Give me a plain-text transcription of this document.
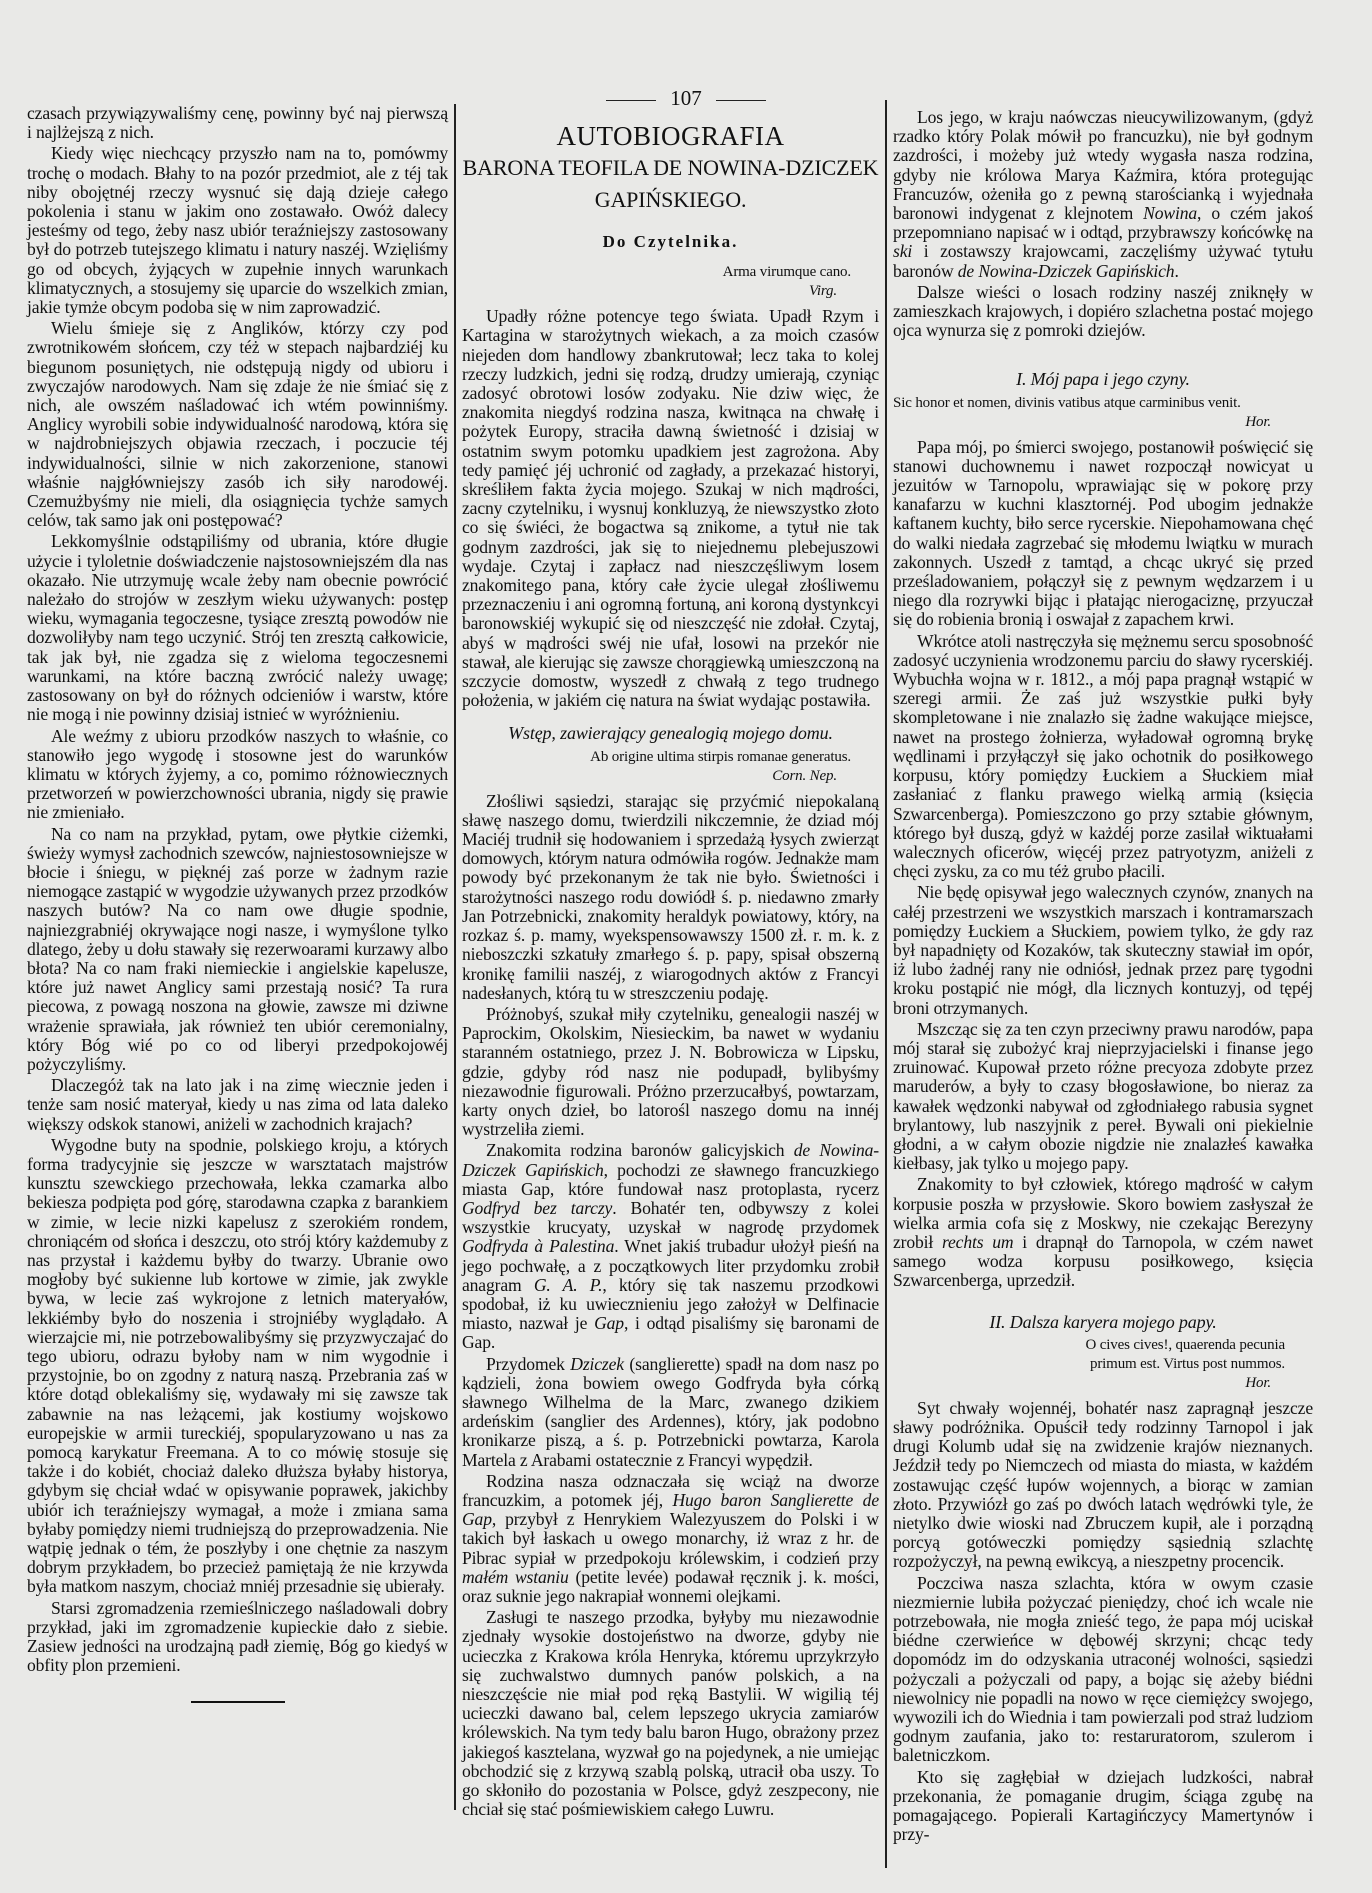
107

czasach przywiązywaliśmy cenę, powinny być naj pierwszą i najlżejszą z nich.

Kiedy więc niechcący przyszło nam na to, pomówmy trochę o modach. Błahy to na pozór przedmiot, ale z téj tak niby obojętnéj rzeczy wysnuć się dają dzieje całego pokolenia i stanu w jakim ono zostawało. Owóż dalecy jesteśmy od tego, żeby nasz ubiór teraźniejszy zastosowany był do potrzeb tutejszego klimatu i natury naszéj. Wzięliśmy go od obcych, żyjących w zupełnie innych warunkach klimatycznych, a stosujemy się uparcie do wszelkich zmian, jakie tymże obcym podoba się w nim zaprowadzić.

Wielu śmieje się z Anglików, którzy czy pod zwrotnikowém słońcem, czy téż w stepach najbardziéj ku biegunom posuniętych, nie odstępują nigdy od ubioru i zwyczajów narodowych. Nam się zdaje że nie śmiać się z nich, ale owszém naśladować ich wtém powinniśmy. Anglicy wyrobili sobie indywidualność narodową, która się w najdrobniejszych objawia rzeczach, i poczucie téj indywidualności, silnie w nich zakorzenione, stanowi właśnie najgłówniejszy zasób ich siły narodowéj. Czemużbyśmy nie mieli, dla osiągnięcia tychże samych celów, tak samo jak oni postępować?

Lekkomyślnie odstąpiliśmy od ubrania, które długie użycie i tyloletnie doświadczenie najstosowniejszém dla nas okazało. Nie utrzymuję wcale żeby nam obecnie powrócić należało do strojów w zeszłym wieku używanych: postęp wieku, wymagania tegoczesne, tysiące zresztą powodów nie dozwoliłyby nam tego uczynić. Strój ten zresztą całkowicie, tak jak był, nie zgadza się z wieloma tegoczesnemi warunkami, na które baczną zwrócić należy uwagę; zastosowany on był do różnych odcieniów i warstw, które nie mogą i nie powinny dzisiaj istnieć w wyróżnieniu.

Ale weźmy z ubioru przodków naszych to właśnie, co stanowiło jego wygodę i stosowne jest do warunków klimatu w których żyjemy, a co, pomimo różnowiecznych przetworzeń w powierzchowności ubrania, nigdy się prawie nie zmieniało.

Na co nam na przykład, pytam, owe płytkie ciżemki, świeży wymysł zachodnich szewców, najniestosowniejsze w błocie i śniegu, w pięknéj zaś porze w żadnym razie niemogące zastąpić w wygodzie używanych przez przodków naszych butów? Na co nam owe długie spodnie, najniezgrabniéj okrywające nogi nasze, i wymyślone tylko dlatego, żeby u dołu stawały się rezerwoarami kurzawy albo błota? Na co nam fraki niemieckie i angielskie kapelusze, które już nawet Anglicy sami przestają nosić? Ta rura piecowa, z powagą noszona na głowie, zawsze mi dziwne wrażenie sprawiała, jak również ten ubiór ceremonialny, który Bóg wié po co od liberyi przedpokojowéj pożyczyliśmy.

Dlaczegóż tak na lato jak i na zimę wiecznie jeden i tenże sam nosić materyał, kiedy u nas zima od lata daleko większy odskok stanowi, aniżeli w zachodnich krajach?

Wygodne buty na spodnie, polskiego kroju, a których forma tradycyjnie się jeszcze w warsztatach majstrów kunsztu szewckiego przechowała, lekka czamarka albo bekiesza podpięta pod górę, starodawna czapka z barankiem w zimie, w lecie nizki kapelusz z szerokiém rondem, chroniącém od słońca i deszczu, oto strój który każdemuby z nas przystał i każdemu byłby do twarzy. Ubranie owo mogłoby być sukienne lub kortowe w zimie, jak zwykle bywa, w lecie zaś wykrojone z letnich materyałów, lekkiémby było do noszenia i strojniéby wyglądało. A wierzajcie mi, nie potrzebowalibyśmy się przyzwyczajać do tego ubioru, odrazu byłoby nam w nim wygodnie i przystojnie, bo on zgodny z naturą naszą. Przebrania zaś w które dotąd oblekaliśmy się, wydawały mi się zawsze tak zabawnie na nas leżącemi, jak kostiumy wojskowo europejskie w armii tureckiéj, spopularyzowano u nas za pomocą karykatur Freemana. A to co mówię stosuje się także i do kobiét, chociaż daleko dłuższa byłaby historya, gdybym się chciał wdać w opisywanie poprawek, jakichby ubiór ich teraźniejszy wymagał, a może i zmiana sama byłaby pomiędzy niemi trudniejszą do przeprowadzenia. Nie wątpię jednak o tém, że poszłyby i one chętnie za naszym dobrym przykładem, bo przecież pamiętają że nie krzywda była matkom naszym, chociaż mniéj przesadnie się ubierały.

Starsi zgromadzenia rzemieślniczego naśladowali dobry przykład, jaki im zgromadzenie kupieckie dało z siebie. Zasiew jedności na urodzajną padł ziemię, Bóg go kiedyś w obfity plon przemieni.

AUTOBIOGRAFIA
BARONA TEOFILA DE NOWINA-DZICZEK
GAPIŃSKIEGO.
Do Czytelnika.
Arma virumque cano.
Virg.

Upadły różne potencye tego świata. Upadł Rzym i Kartagina w starożytnych wiekach, a za moich czasów niejeden dom handlowy zbankrutował; lecz taka to kolej rzeczy ludzkich, jedni się rodzą, drudzy umierają, czyniąc zadosyć obrotowi losów zodyaku. Nie dziw więc, że znakomita niegdyś rodzina nasza, kwitnąca na chwałę i pożytek Europy, straciła dawną świetność i dzisiaj w ostatnim swym potomku upadkiem jest zagrożona. Aby tedy pamięć jéj uchronić od zagłady, a przekazać historyi, skreśliłem fakta życia mojego. Szukaj w nich mądrości, zacny czytelniku, i wysnuj konkluzyą, że niewszystko złoto co się świéci, że bogactwa są znikome, a tytuł nie tak godnym zazdrości, jak się to niejednemu plebejuszowi wydaje. Czytaj i zapłacz nad nieszczęśliwym losem znakomitego pana, który całe życie ulegał złośliwemu przeznaczeniu i ani ogromną fortuną, ani koroną dystynkcyi baronowskiéj wykupić się od nieszczęść nie zdołał. Czytaj, abyś w mądrości swéj nie ufał, losowi na przekór nie stawał, ale kierując się zawsze chorągiewką umieszczoną na szczycie domostw, wyszedł z chwałą z tego trudnego położenia, w jakiém cię natura na świat wydając postawiła.

Wstęp, zawierający genealogią mojego domu.
Ab origine ultima stirpis romanae generatus.
Corn. Nep.

Złośliwi sąsiedzi, starając się przyćmić niepokalaną sławę naszego domu, twierdzili nikczemnie, że dziad mój Maciéj trudnił się hodowaniem i sprzedażą łysych zwierząt domowych, którym natura odmówiła rogów. Jednakże mam powody być przekonanym że tak nie było. Świetności i starożytności naszego rodu dowiódł ś. p. niedawno zmarły Jan Potrzebnicki, znakomity heraldyk powiatowy, który, na rozkaz ś. p. mamy, wyekspensowawszy 1500 zł. r. m. k. z nieboszczki szkatuły zmarłego ś. p. papy, spisał obszerną kronikę familii naszéj, z wiarogodnych aktów z Francyi nadesłanych, którą tu w streszczeniu podaję.

Próżnobyś, szukał miły czytelniku, genealogii naszéj w Paprockim, Okolskim, Niesieckim, ba nawet w wydaniu staranném ostatniego, przez J. N. Bobrowicza w Lipsku, gdzie, gdyby ród nasz nie podupadł, bylibyśmy niezawodnie figurowali. Próżno przerzucałbyś, powtarzam, karty onych dzieł, bo latorośl naszego domu na innéj wystrzeliła ziemi.

Znakomita rodzina baronów galicyjskich de Nowina-Dziczek Gapińskich, pochodzi ze sławnego francuzkiego miasta Gap, które fundował nasz protoplasta, rycerz Godfryd bez tarczy. Bohatér ten, odbywszy z kolei wszystkie krucyaty, uzyskał w nagrodę przydomek Godfryda à Palestina. Wnet jakiś trubadur ułożył pieśń na jego pochwałę, a z początkowych liter przydomku zrobił anagram G. A. P., który się tak naszemu przodkowi spodobał, iż ku uwiecznieniu jego założył w Delfinacie miasto, nazwał je Gap, i odtąd pisaliśmy się baronami de Gap.

Przydomek Dziczek (sanglierette) spadł na dom nasz po kądzieli, żona bowiem owego Godfryda była córką sławnego Wilhelma de la Marc, zwanego dzikiem ardeńskim (sanglier des Ardennes), który, jak podobno kronikarze piszą, a ś. p. Potrzebnicki powtarza, Karola Martela z Arabami ostatecznie z Francyi wypędził.

Rodzina nasza odznaczała się wciąż na dworze francuzkim, a potomek jéj, Hugo baron Sanglierette de Gap, przybył z Henrykiem Walezyuszem do Polski i w takich był łaskach u owego monarchy, iż wraz z hr. de Pibrac sypiał w przedpokoju królewskim, i codzień przy małém wstaniu (petite levée) podawał ręcznik j. k. mości, oraz suknie jego nakrapiał wonnemi olejkami.

Zasługi te naszego przodka, byłyby mu niezawodnie zjednały wysokie dostojeństwo na dworze, gdyby nie ucieczka z Krakowa króla Henryka, któremu uprzykrzyło się zuchwalstwo dumnych panów polskich, a na nieszczęście nie miał pod ręką Bastylii. W wigilią téj ucieczki dawano bal, celem lepszego ukrycia zamiarów królewskich. Na tym tedy balu baron Hugo, obrażony przez jakiegoś kasztelana, wyzwał go na pojedynek, a nie umiejąc obchodzić się z krzywą szablą polską, utracił oba uszy. To go skłoniło do pozostania w Polsce, gdyż zeszpecony, nie chciał się stać pośmiewiskiem całego Luwru.

Los jego, w kraju naówczas nieucywilizowanym, (gdyż rzadko który Polak mówił po francuzku), nie był godnym zazdrości, i możeby już wtedy wygasła nasza rodzina, gdyby nie królowa Marya Kaźmira, która protegując Francuzów, ożeniła go z pewną starościanką i wyjednała baronowi indygenat z klejnotem Nowina, o czém jakoś przepomniano napisać w i odtąd, przybrawszy końcówkę na ski i zostawszy krajowcami, zaczęliśmy używać tytułu baronów de Nowina-Dziczek Gapińskich.

Dalsze wieści o losach rodziny naszéj zniknęły w zamieszkach krajowych, i dopiéro szlachetna postać mojego ojca wynurza się z pomroki dziejów.

I. Mój papa i jego czyny.
Sic honor et nomen, divinis vatibus atque carminibus venit.
Hor.

Papa mój, po śmierci swojego, postanowił poświęcić się stanowi duchownemu i nawet rozpoczął nowicyat u jezuitów w Tarnopolu, wprawiając się w pokorę przy kanafarzu w kuchni klasztornéj. Pod ubogim jednakże kaftanem kuchty, biło serce rycerskie. Niepohamowana chęć do walki niedała zagrzebać się młodemu lwiątku w murach zakonnych. Uszedł z tamtąd, a chcąc ukryć się przed prześladowaniem, połączył się z pewnym wędzarzem i u niego dla rozrywki bijąc i płatając nierogaciznę, przyuczał się do robienia bronią i oswajał z zapachem krwi.

Wkrótce atoli nastręczyła się mężnemu sercu sposobność zadosyć uczynienia wrodzonemu parciu do sławy rycerskiéj. Wybuchła wojna w r. 1812., a mój papa pragnął wstąpić w szeregi armii. Że zaś już wszystkie pułki były skompletowane i nie znalazło się żadne wakujące miejsce, nawet na prostego żołnierza, wyładował ogromną brykę wędlinami i przyłączył się jako ochotnik do posiłkowego korpusu, który pomiędzy Łuckiem a Słuckiem miał zasłaniać z flanku prawego wielką armią (księcia Szwarcenberga). Pomieszczono go przy sztabie głównym, którego był duszą, gdyż w każdéj porze zasilał wiktuałami walecznych oficerów, więcéj przez patryotyzm, aniżeli z chęci zysku, za co mu téż grubo płacili.

Nie będę opisywał jego walecznych czynów, znanych na całéj przestrzeni we wszystkich marszach i kontramarszach pomiędzy Łuckiem a Słuckiem, powiem tylko, że gdy raz był napadnięty od Kozaków, tak skuteczny stawiał im opór, iż lubo żadnéj rany nie odniósł, jednak przez parę tygodni kroku postąpić nie mógł, dla licznych kontuzyj, od tępéj broni otrzymanych.

Mszcząc się za ten czyn przeciwny prawu narodów, papa mój starał się zubożyć kraj nieprzyjacielski i finanse jego zruinować. Kupował przeto różne precyoza zdobyte przez maruderów, a były to czasy błogosławione, bo nieraz za kawałek wędzonki nabywał od zgłodniałego rabusia sygnet brylantowy, lub naszyjnik z pereł. Bywali oni piekielnie głodni, a w całym obozie nigdzie nie znalazłeś kawałka kiełbasy, jak tylko u mojego papy.

Znakomity to był człowiek, którego mądrość w całym korpusie poszła w przysłowie. Skoro bowiem zasłyszał że wielka armia cofa się z Moskwy, nie czekając Berezyny zrobił rechts um i drapnął do Tarnopola, w czém nawet samego wodza korpusu posiłkowego, księcia Szwarcenberga, uprzedził.

II. Dalsza karyera mojego papy.
O cives cives!, quaerenda pecunia
primum est. Virtus post nummos.
Hor.

Syt chwały wojennéj, bohatér nasz zapragnął jeszcze sławy podróżnika. Opuścił tedy rodzinny Tarnopol i jak drugi Kolumb udał się na zwidzenie krajów nieznanych. Jeździł tedy po Niemczech od miasta do miasta, w każdém zostawując część łupów wojennych, a biorąc w zamian złoto. Przywiózł go zaś po dwóch latach wędrówki tyle, że nietylko dwie wioski nad Zbruczem kupił, ale i porządną porcyą gotóweczki pomiędzy sąsiednią szlachtę rozpożyczył, na pewną ewikcyą, a nieszpetny procencik.

Poczciwa nasza szlachta, która w owym czasie niezmiernie lubiła pożyczać pieniędzy, choć ich wcale nie potrzebowała, nie mogła znieść tego, że papa mój uciskał biédne czerwieńce w dębowéj skrzyni; chcąc tedy dopomódz im do odzyskania utraconéj wolności, sąsiedzi pożyczali a pożyczali od papy, a bojąc się ażeby biédni niewolnicy nie popadli na nowo w ręce ciemiężcy swojego, wywozili ich do Wiednia i tam powierzali pod straż ludziom godnym zaufania, jako to: restaruratorom, szulerom i baletniczkom.

Kto się zagłębiał w dziejach ludzkości, nabrał przekonania, że pomaganie drugim, ściąga zgubę na pomagającego. Popierali Kartagińczycy Mamertynów i przy-
